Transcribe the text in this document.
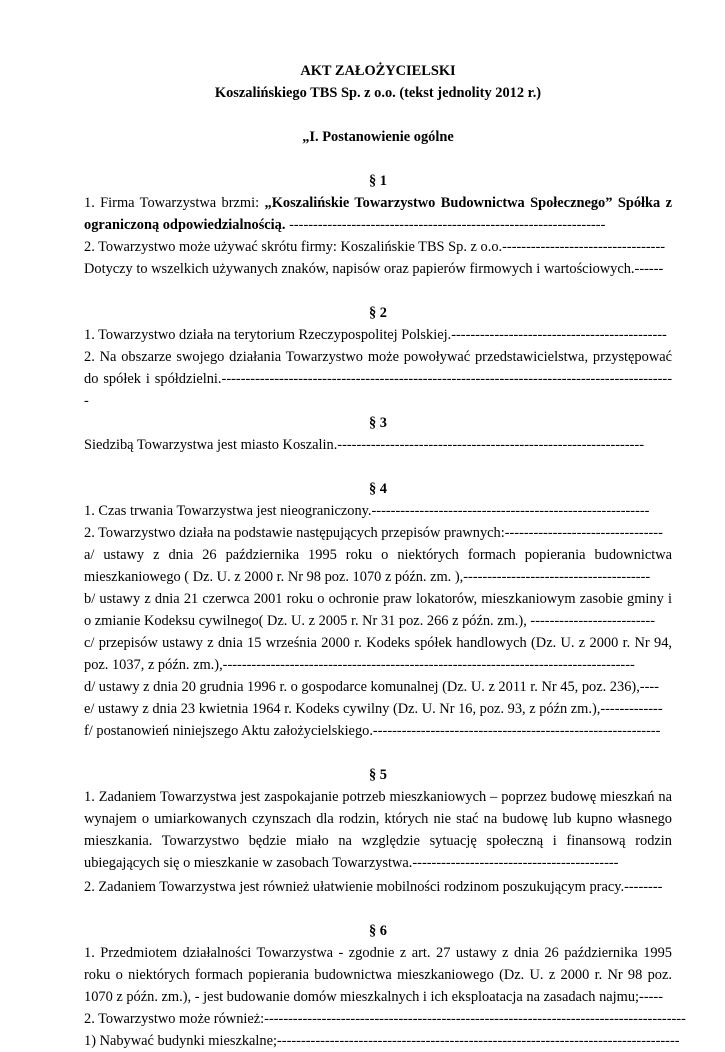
AKT ZAŁOŻYCIELSKI

Koszalińskiego TBS Sp. z o.o. (tekst jednolity 2012 r.)

„I. Postanowienie ogólne

§ 1

1. Firma Towarzystwa brzmi: „Koszalińskie Towarzystwo Budownictwa Społecznego” Spółka z ograniczoną odpowiedzialnością. ------------------------------------------------------------------

2. Towarzystwo może używać skrótu firmy: Koszalińskie TBS Sp. z o.o.----------------------------------

Dotyczy to wszelkich używanych znaków, napisów oraz papierów firmowych i wartościowych.------

§ 2

1. Towarzystwo działa na terytorium Rzeczypospolitej Polskiej.---------------------------------------------

2. Na obszarze swojego działania Towarzystwo może powoływać przedstawicielstwa, przystępować do spółek i spółdzielni.-----------------------------------------------------------------------------------------------

§ 3

Siedzibą Towarzystwa jest miasto Koszalin.----------------------------------------------------------------

§ 4

1. Czas trwania Towarzystwa jest nieograniczony.----------------------------------------------------------

2. Towarzystwo działa na podstawie następujących przepisów prawnych:---------------------------------

a/ ustawy z dnia 26 października 1995 roku o niektórych formach popierania budownictwa mieszkaniowego ( Dz. U. z 2000 r. Nr 98 poz. 1070 z późn. zm. ),---------------------------------------

b/ ustawy z dnia 21 czerwca 2001 roku o ochronie praw lokatorów, mieszkaniowym zasobie gminy i o zmianie Kodeksu cywilnego( Dz. U. z 2005 r. Nr 31 poz. 266 z późn. zm.), --------------------------

c/ przepisów ustawy z dnia 15 września 2000 r. Kodeks spółek handlowych (Dz. U. z 2000 r. Nr 94, poz. 1037, z późn. zm.),--------------------------------------------------------------------------------------

d/ ustawy z dnia 20 grudnia 1996 r. o gospodarce komunalnej (Dz. U. z 2011 r. Nr 45, poz. 236),----

e/ ustawy z dnia 23 kwietnia 1964 r. Kodeks cywilny (Dz. U. Nr 16, poz. 93, z późn zm.),-------------

f/ postanowień niniejszego Aktu założycielskiego.------------------------------------------------------------

§ 5

1. Zadaniem Towarzystwa jest zaspokajanie potrzeb mieszkaniowych – poprzez budowę mieszkań na wynajem o umiarkowanych czynszach dla rodzin, których nie stać na budowę lub kupno własnego mieszkania. Towarzystwo będzie miało na względzie sytuację społeczną i finansową rodzin ubiegających się o mieszkanie w zasobach Towarzystwa.-------------------------------------------

2. Zadaniem Towarzystwa jest również ułatwienie mobilności rodzinom poszukującym pracy.--------

§ 6

1. Przedmiotem działalności Towarzystwa - zgodnie z art. 27 ustawy z dnia 26 października 1995 roku o niektórych formach popierania budownictwa mieszkaniowego (Dz. U. z 2000 r. Nr 98 poz. 1070 z późn. zm.), - jest budowanie domów mieszkalnych i ich eksploatacja na zasadach najmu;-----

2. Towarzystwo może również:----------------------------------------------------------------------------------------

1) Nabywać budynki mieszkalne;------------------------------------------------------------------------------------
